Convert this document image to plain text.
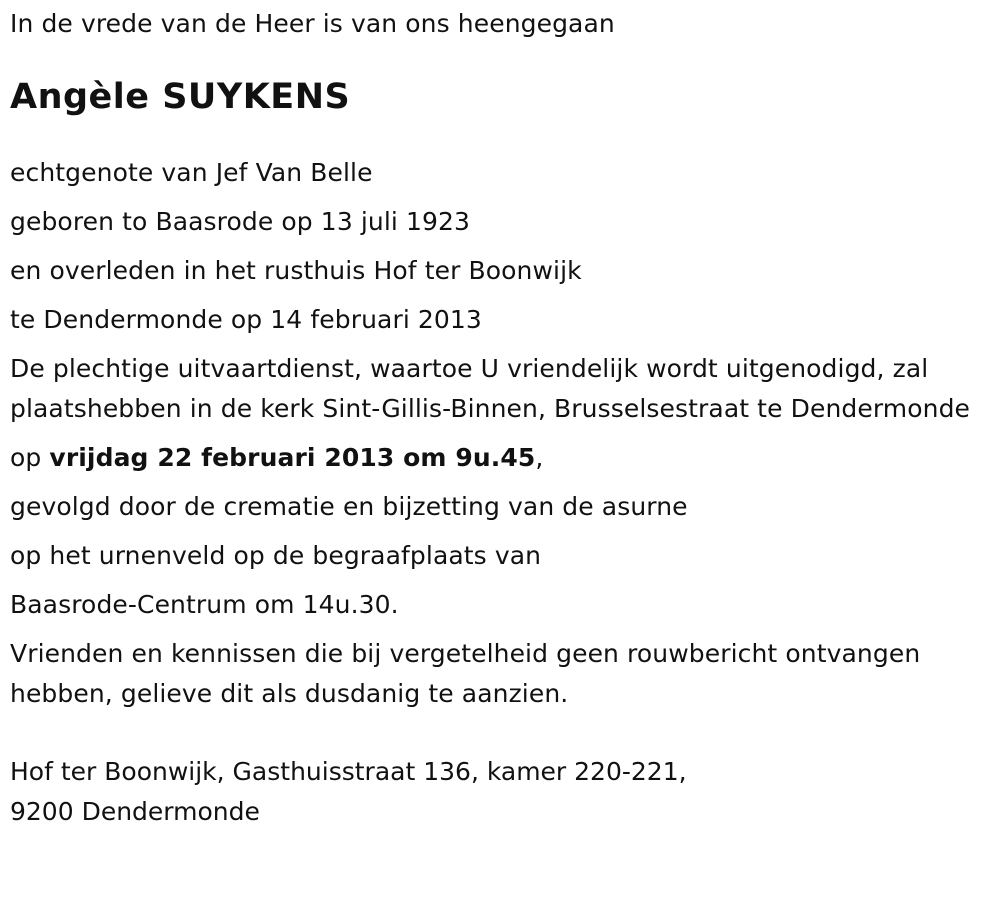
In de vrede van de Heer is van ons heengegaan

Angèle SUYKENS

echtgenote van Jef Van Belle

geboren to Baasrode op 13 juli 1923

en overleden in het rusthuis Hof ter Boonwijk

te Dendermonde op 14 februari 2013

De plechtige uitvaartdienst, waartoe U vriendelijk wordt uitgenodigd, zal plaatshebben in de kerk Sint-Gillis-Binnen, Brusselsestraat te Dendermonde

op vrijdag 22 februari 2013 om 9u.45,

gevolgd door de crematie en bijzetting van de asurne

op het urnenveld op de begraafplaats van

Baasrode-Centrum om 14u.30.

Vrienden en kennissen die bij vergetelheid geen rouwbericht ontvangen hebben, gelieve dit als dusdanig te aanzien.

Hof ter Boonwijk, Gasthuisstraat 136, kamer 220-221,

9200 Dendermonde
